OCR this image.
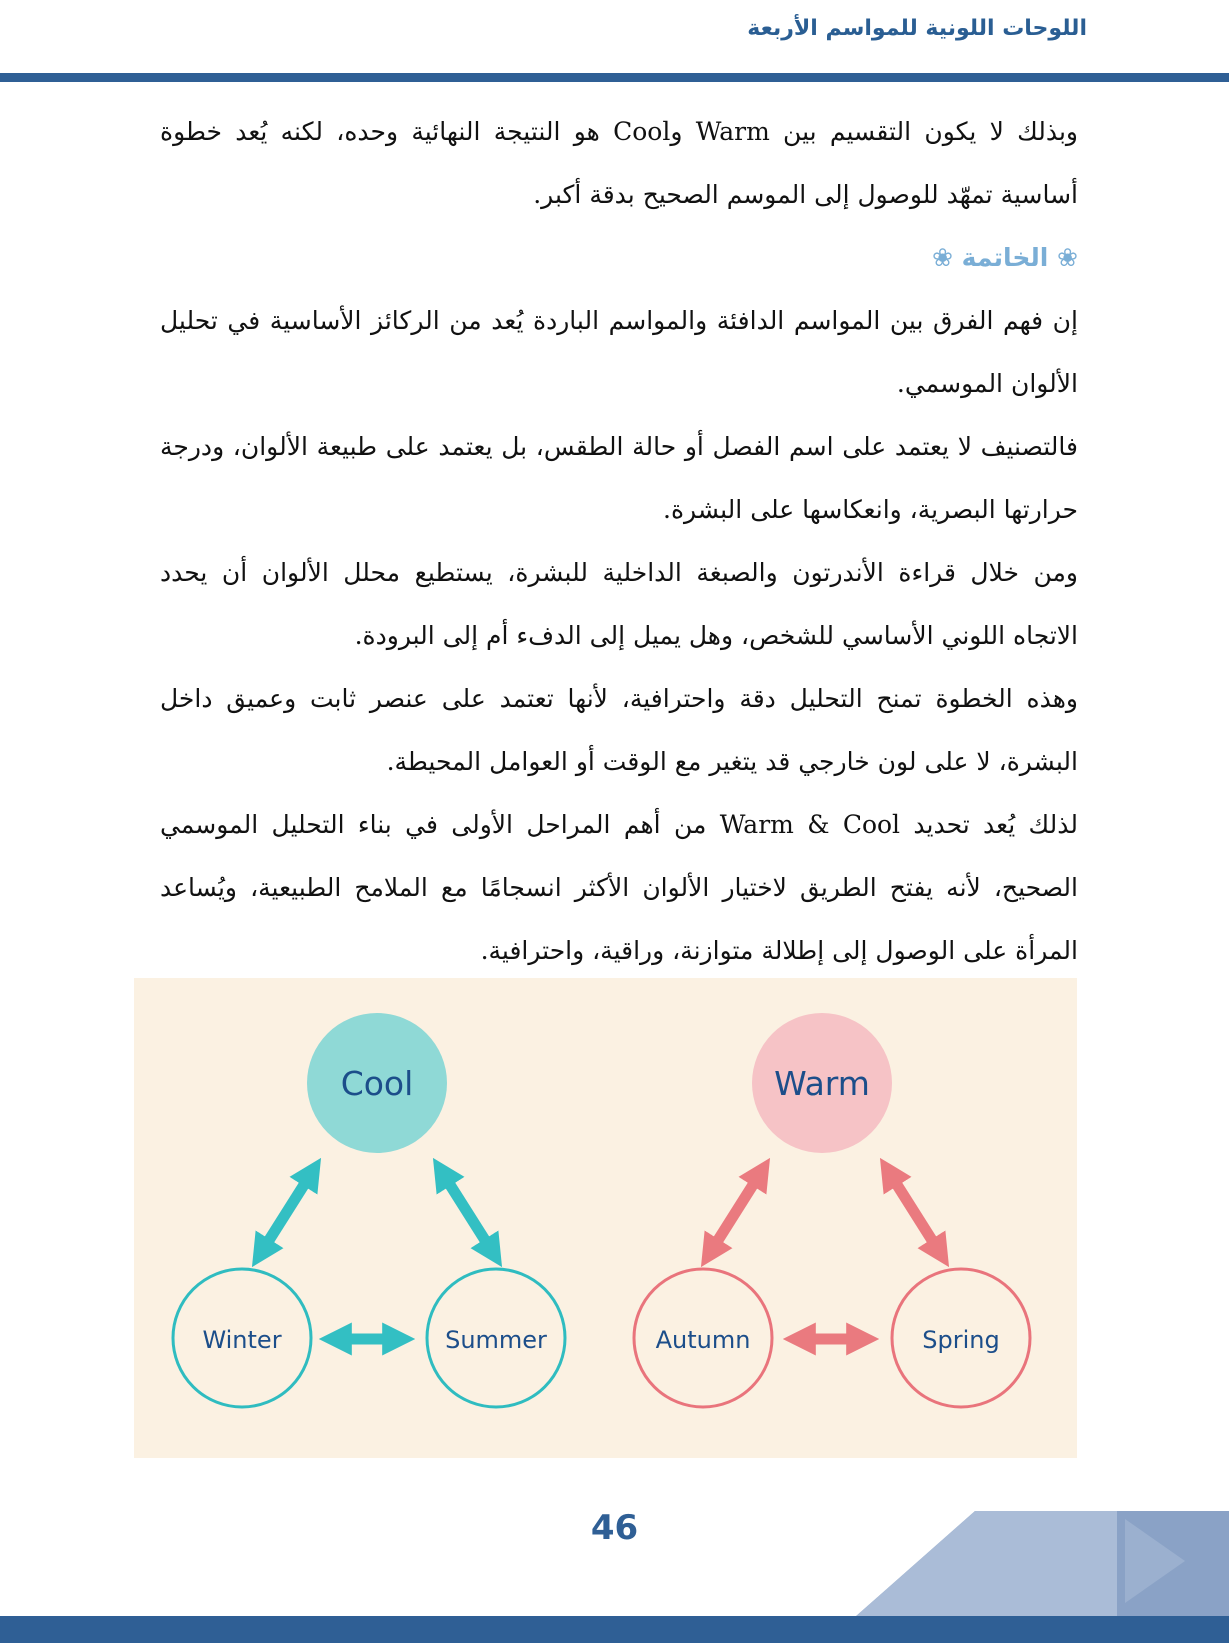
اللوحات اللونية للمواسم الأربعة

وبذلك لا يكون التقسيم بين Warm وCool هو النتيجة النهائية وحده، لكنه يُعد خطوة أساسية تمهّد للوصول إلى الموسم الصحيح بدقة أكبر.

❀ الخاتمة ❀

إن فهم الفرق بين المواسم الدافئة والمواسم الباردة يُعد من الركائز الأساسية في تحليل الألوان الموسمي.

فالتصنيف لا يعتمد على اسم الفصل أو حالة الطقس، بل يعتمد على طبيعة الألوان، ودرجة حرارتها البصرية، وانعكاسها على البشرة.

ومن خلال قراءة الأندرتون والصبغة الداخلية للبشرة، يستطيع محلل الألوان أن يحدد الاتجاه اللوني الأساسي للشخص، وهل يميل إلى الدفء أم إلى البرودة.

وهذه الخطوة تمنح التحليل دقة واحترافية، لأنها تعتمد على عنصر ثابت وعميق داخل البشرة، لا على لون خارجي قد يتغير مع الوقت أو العوامل المحيطة.

لذلك يُعد تحديد Warm & Cool من أهم المراحل الأولى في بناء التحليل الموسمي الصحيح، لأنه يفتح الطريق لاختيار الألوان الأكثر انسجامًا مع الملامح الطبيعية، ويُساعد المرأة على الوصول إلى إطلالة متوازنة، وراقية، واحترافية.

Cool
Winter	Summer
Warm
Autumn	Spring
46
